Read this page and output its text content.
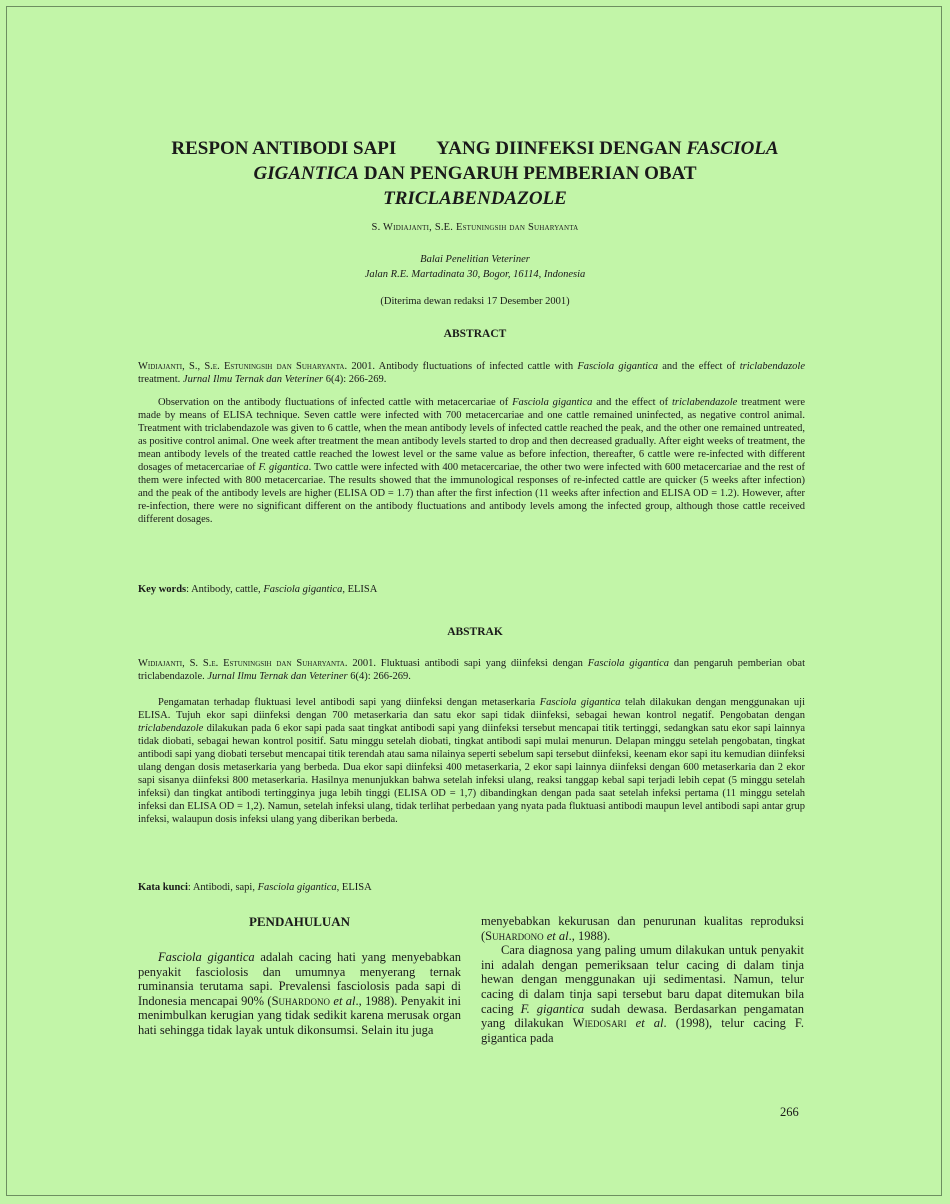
RESPON ANTIBODI SAPI YANG DIINFEKSI DENGAN FASCIOLA
GIGANTICA DAN PENGARUH PEMBERIAN OBAT
TRICLABENDAZOLE
S. Widiajanti, S.E. Estuningsih dan Suharyanta
Balai Penelitian Veteriner
Jalan R.E. Martadinata 30, Bogor, 16114, Indonesia
(Diterima dewan redaksi 17 Desember 2001)
ABSTRACT

Widiajanti, S., S.e. Estuningsih dan Suharyanta. 2001. Antibody fluctuations of infected cattle with Fasciola gigantica and the effect of triclabendazole treatment. Jurnal Ilmu Ternak dan Veteriner 6(4): 266-269.

Observation on the antibody fluctuations of infected cattle with metacercariae of Fasciola gigantica and the effect of triclabendazole treatment were made by means of ELISA technique. Seven cattle were infected with 700 metacercariae and one cattle remained uninfected, as negative control animal. Treatment with triclabendazole was given to 6 cattle, when the mean antibody levels of infected cattle reached the peak, and the other one remained untreated, as positive control animal. One week after treatment the mean antibody levels started to drop and then decreased gradually. After eight weeks of treatment, the mean antibody levels of the treated cattle reached the lowest level or the same value as before infection, thereafter, 6 cattle were re-infected with different dosages of metacercariae of F. gigantica. Two cattle were infected with 400 metacercariae, the other two were infected with 600 metacercariae and the rest of them were infected with 800 metacercariae. The results showed that the immunological responses of re-infected cattle are quicker (5 weeks after infection) and the peak of the antibody levels are higher (ELISA OD = 1.7) than after the first infection (11 weeks after infection and ELISA OD = 1.2). However, after re-infection, there were no significant different on the antibody fluctuations and antibody levels among the infected group, although those cattle received different dosages.

Key words: Antibody, cattle, Fasciola gigantica, ELISA
ABSTRAK

Widiajanti, S. S.e. Estuningsih dan Suharyanta. 2001. Fluktuasi antibodi sapi yang diinfeksi dengan Fasciola gigantica dan pengaruh pemberian obat triclabendazole. Jurnal Ilmu Ternak dan Veteriner 6(4): 266-269.

Pengamatan terhadap fluktuasi level antibodi sapi yang diinfeksi dengan metaserkaria Fasciola gigantica telah dilakukan dengan menggunakan uji ELISA. Tujuh ekor sapi diinfeksi dengan 700 metaserkaria dan satu ekor sapi tidak diinfeksi, sebagai hewan kontrol negatif. Pengobatan dengan triclabendazole dilakukan pada 6 ekor sapi pada saat tingkat antibodi sapi yang diinfeksi tersebut mencapai titik tertinggi, sedangkan satu ekor sapi lainnya tidak diobati, sebagai hewan kontrol positif. Satu minggu setelah diobati, tingkat antibodi sapi mulai menurun. Delapan minggu setelah pengobatan, tingkat antibodi sapi yang diobati tersebut mencapai titik terendah atau sama nilainya seperti sebelum sapi tersebut diinfeksi, keenam ekor sapi itu kemudian diinfeksi ulang dengan dosis metaserkaria yang berbeda. Dua ekor sapi diinfeksi 400 metaserkaria, 2 ekor sapi lainnya diinfeksi dengan 600 metaserkaria dan 2 ekor sapi sisanya diinfeksi 800 metaserkaria. Hasilnya menunjukkan bahwa setelah infeksi ulang, reaksi tanggap kebal sapi terjadi lebih cepat (5 minggu setelah infeksi) dan tingkat antibodi tertingginya juga lebih tinggi (ELISA OD = 1,7) dibandingkan dengan pada saat setelah infeksi pertama (11 minggu setelah infeksi dan ELISA OD = 1,2). Namun, setelah infeksi ulang, tidak terlihat perbedaan yang nyata pada fluktuasi antibodi maupun level antibodi sapi antar grup infeksi, walaupun dosis infeksi ulang yang diberikan berbeda.

Kata kunci: Antibodi, sapi, Fasciola gigantica, ELISA
PENDAHULUAN

Fasciola gigantica adalah cacing hati yang menyebabkan penyakit fasciolosis dan umumnya menyerang ternak ruminansia terutama sapi. Prevalensi fasciolosis pada sapi di Indonesia mencapai 90% (Suhardono et al., 1988). Penyakit ini menimbulkan kerugian yang tidak sedikit karena merusak organ hati sehingga tidak layak untuk dikonsumsi. Selain itu juga

menyebabkan kekurusan dan penurunan kualitas reproduksi (Suhardono et al., 1988).

Cara diagnosa yang paling umum dilakukan untuk penyakit ini adalah dengan pemeriksaan telur cacing di dalam tinja hewan dengan menggunakan uji sedimentasi. Namun, telur cacing di dalam tinja sapi tersebut baru dapat ditemukan bila cacing F. gigantica sudah dewasa. Berdasarkan pengamatan yang dilakukan Wiedosari et al. (1998), telur cacing F. gigantica pada

266
